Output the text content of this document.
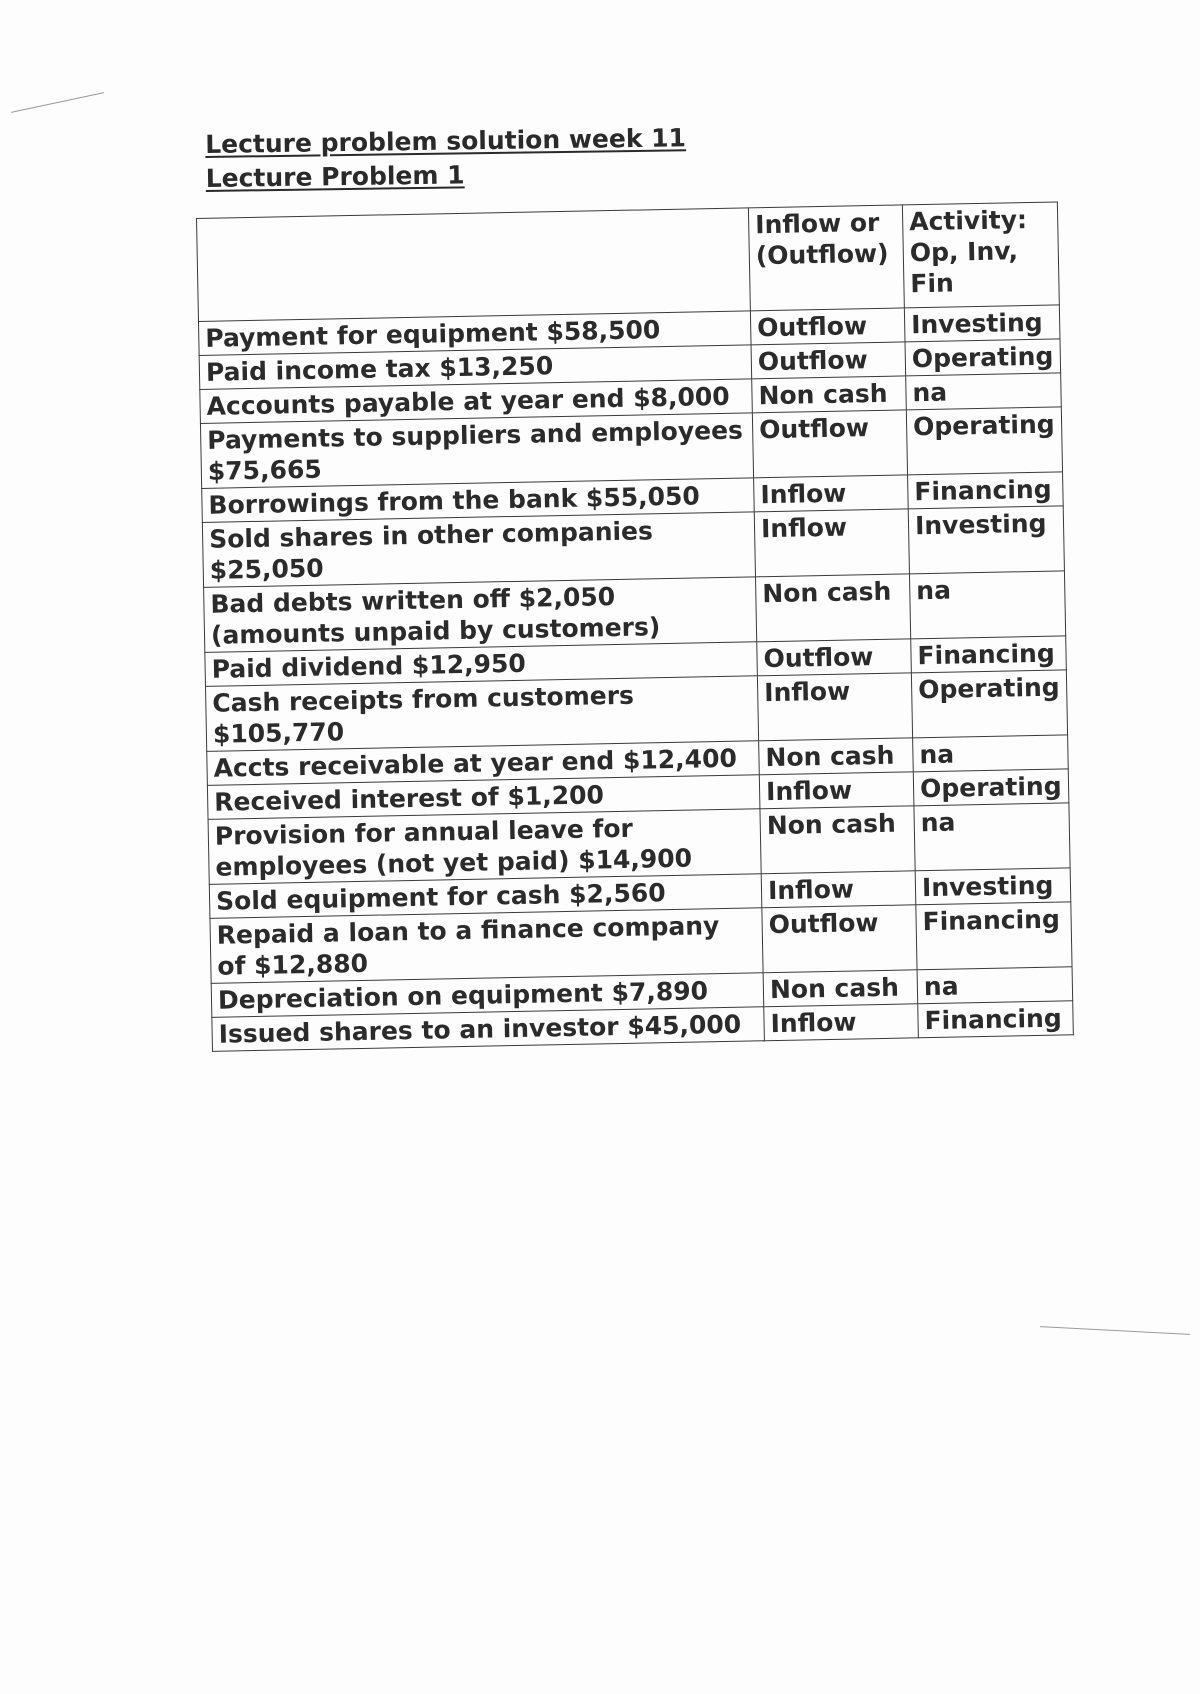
Lecture problem solution week 11
Lecture Problem 1
	Inflow or (Outflow)	Activity: Op, Inv, Fin
Payment for equipment $58,500	Outflow	Investing
Paid income tax $13,250	Outflow	Operating
Accounts payable at year end $8,000	Non cash	na
Payments to suppliers and employees $75,665	Outflow	Operating
Borrowings from the bank $55,050	Inflow	Financing
Sold shares in other companies $25,050	Inflow	Investing
Bad debts written off $2,050 (amounts unpaid by customers)	Non cash	na
Paid dividend $12,950	Outflow	Financing
Cash receipts from customers $105,770	Inflow	Operating
Accts receivable at year end $12,400	Non cash	na
Received interest of $1,200	Inflow	Operating
Provision for annual leave for employees (not yet paid) $14,900	Non cash	na
Sold equipment for cash $2,560	Inflow	Investing
Repaid a loan to a finance company of $12,880	Outflow	Financing
Depreciation on equipment $7,890	Non cash	na
Issued shares to an investor $45,000	Inflow	Financing
